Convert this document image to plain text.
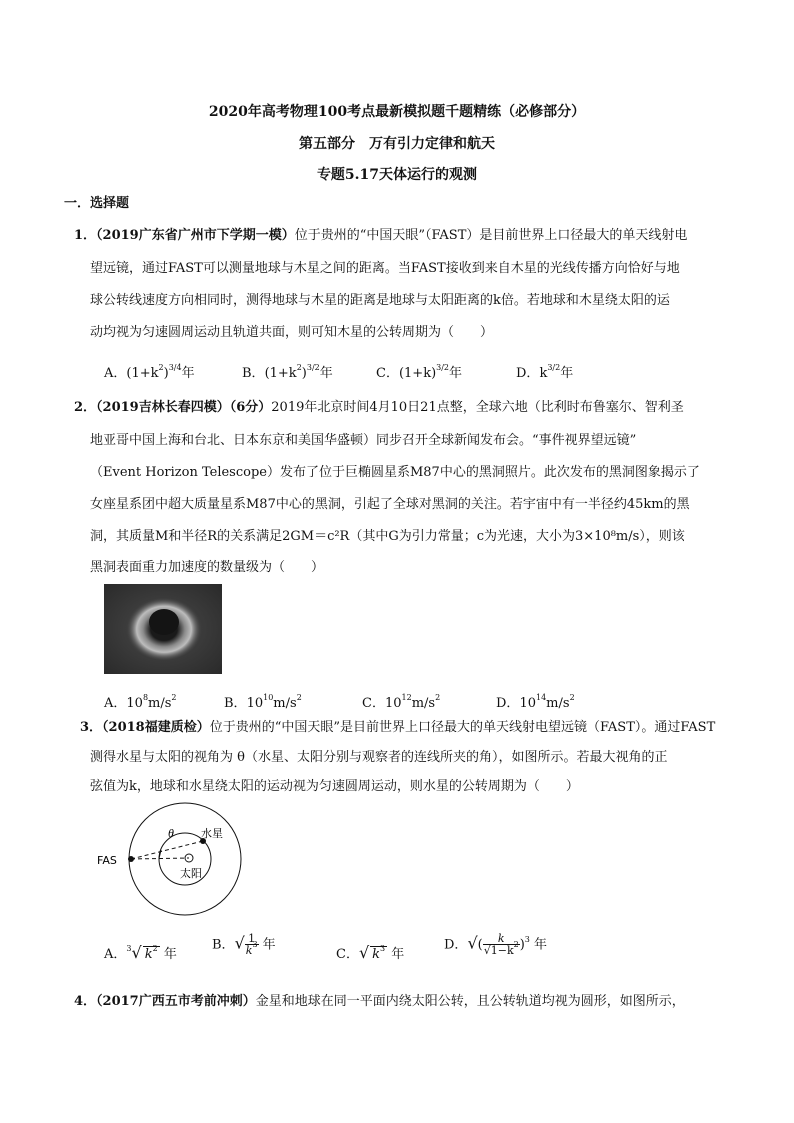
2020年高考物理100考点最新模拟题千题精练（必修部分）
第五部分　万有引力定律和航天
专题5.17天体运行的观测
一．选择题
1．（2019广东省广州市下学期一模）位于贵州的“中国天眼”（FAST）是目前世界上口径最大的单天线射电
望远镜，通过FAST可以测量地球与木星之间的距离。当FAST接收到来自木星的光线传播方向恰好与地
球公转线速度方向相同时，测得地球与木星的距离是地球与太阳距离的k倍。若地球和木星绕太阳的运
动均视为匀速圆周运动且轨道共面，则可知木星的公转周期为（　　）
A．$(1+k^2)^{3/4}$年	B．$(1+k^2)^{3/2}$年	C．$(1+k)^{3/2}$年	D．$k^{3/2}$年
2．（2019吉林长春四模）（6分）2019年北京时间4月10日21点整，全球六地（比利时布鲁塞尔、智利圣
地亚哥中国上海和台北、日本东京和美国华盛顿）同步召开全球新闻发布会。“事件视界望远镜”
（Event Horizon Telescope）发布了位于巨椭圆星系M87中心的黑洞照片。此次发布的黑洞图象揭示了
女座星系团中超大质量星系M87中心的黑洞，引起了全球对黑洞的关注。若宇宙中有一半径约45km的黑
洞，其质量M和半径R的关系满足2GM＝c²R（其中G为引力常量；c为光速，大小为3×10⁸m/s），则该
黑洞表面重力加速度的数量级为（　　）
A．$10^8m/s^2$	B．$10^{10}m/s^2$	C．$10^{12}m/s^2$	D．$10^{14}m/s^2$
3．（2018福建质检）位于贵州的“中国天眼”是目前世界上口径最大的单天线射电望远镜（FAST）。通过FAST
测得水星与太阳的视角为 θ（水星、太阳分别与观察者的连线所夹的角），如图所示。若最大视角的正
弦值为k，地球和水星绕太阳的运动视为匀速圆周运动，则水星的公转周期为（　　）
θ 水星
太阳
FAS
A．$^3$√ $k^2$ 年
B．√ $\frac{1}{k^3}$ 年
C．√ $k^3$ 年
D．√( $\frac{k}{√1-k^2} )^3$ 年
4．（2017广西五市考前冲刺）金星和地球在同一平面内绕太阳公转，且公转轨道均视为圆形，如图所示，
